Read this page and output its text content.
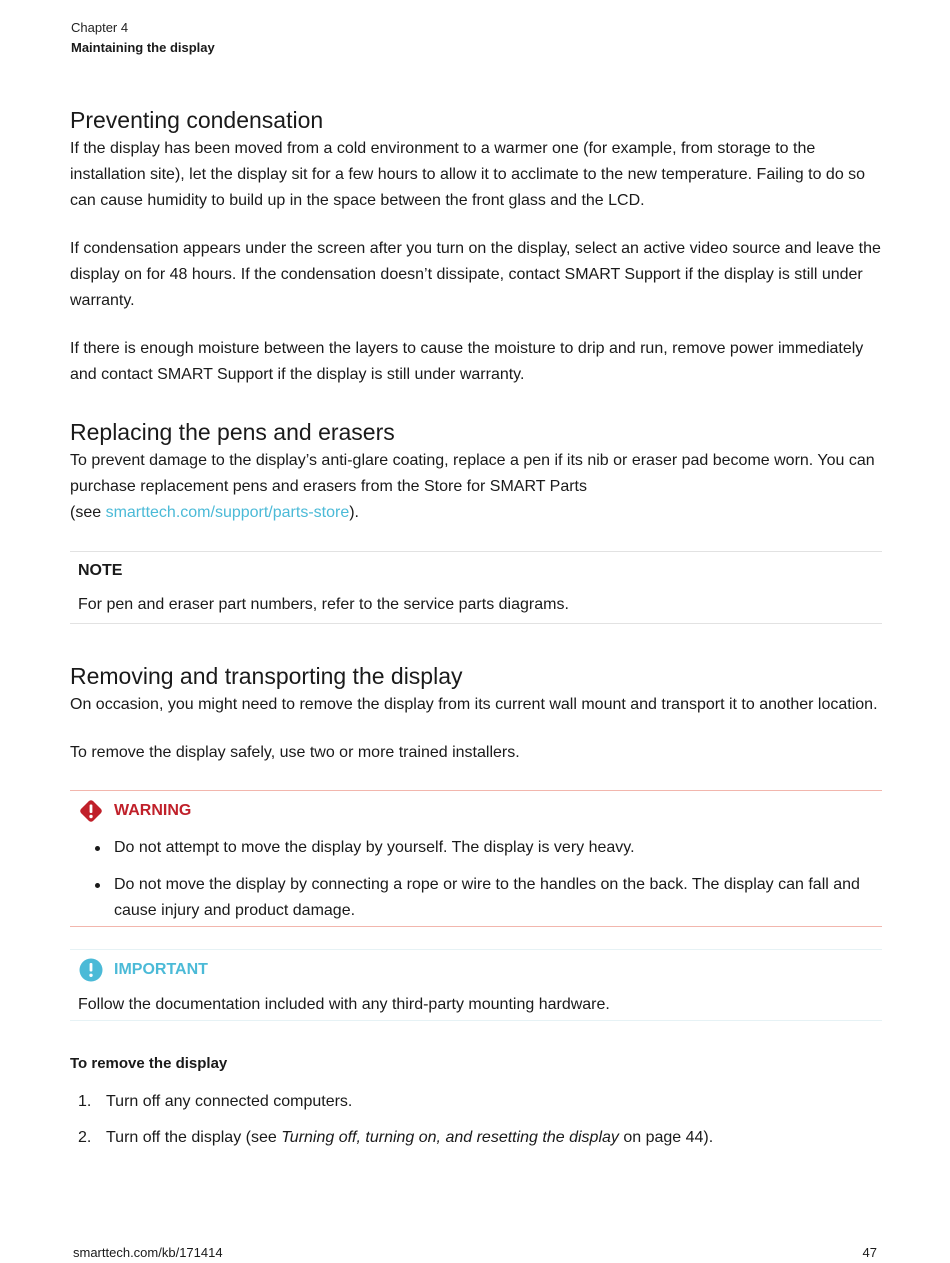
Chapter 4
Maintaining the display
Preventing condensation

If the display has been moved from a cold environment to a warmer one (for example, from storage to the installation site), let the display sit for a few hours to allow it to acclimate to the new temperature. Failing to do so can cause humidity to build up in the space between the front glass and the LCD.

If condensation appears under the screen after you turn on the display, select an active video source and leave the display on for 48 hours. If the condensation doesn’t dissipate, contact SMART Support if the display is still under warranty.

If there is enough moisture between the layers to cause the moisture to drip and run, remove power immediately and contact SMART Support if the display is still under warranty.

Replacing the pens and erasers

To prevent damage to the display’s anti-glare coating, replace a pen if its nib or eraser pad become worn. You can purchase replacement pens and erasers from the Store for SMART Parts
(see smarttech.com/support/parts-store).

NOTE
For pen and eraser part numbers, refer to the service parts diagrams.
Removing and transporting the display

On occasion, you might need to remove the display from its current wall mount and transport it to another location.

To remove the display safely, use two or more trained installers.

WARNING
Do not attempt to move the display by yourself. The display is very heavy.
Do not move the display by connecting a rope or wire to the handles on the back. The display can fall and cause injury and product damage.
IMPORTANT
Follow the documentation included with any third-party mounting hardware.
To remove the display
1. Turn off any connected computers.
2. Turn off the display (see Turning off, turning on, and resetting the display on page 44).
smarttech.com/kb/171414	47
